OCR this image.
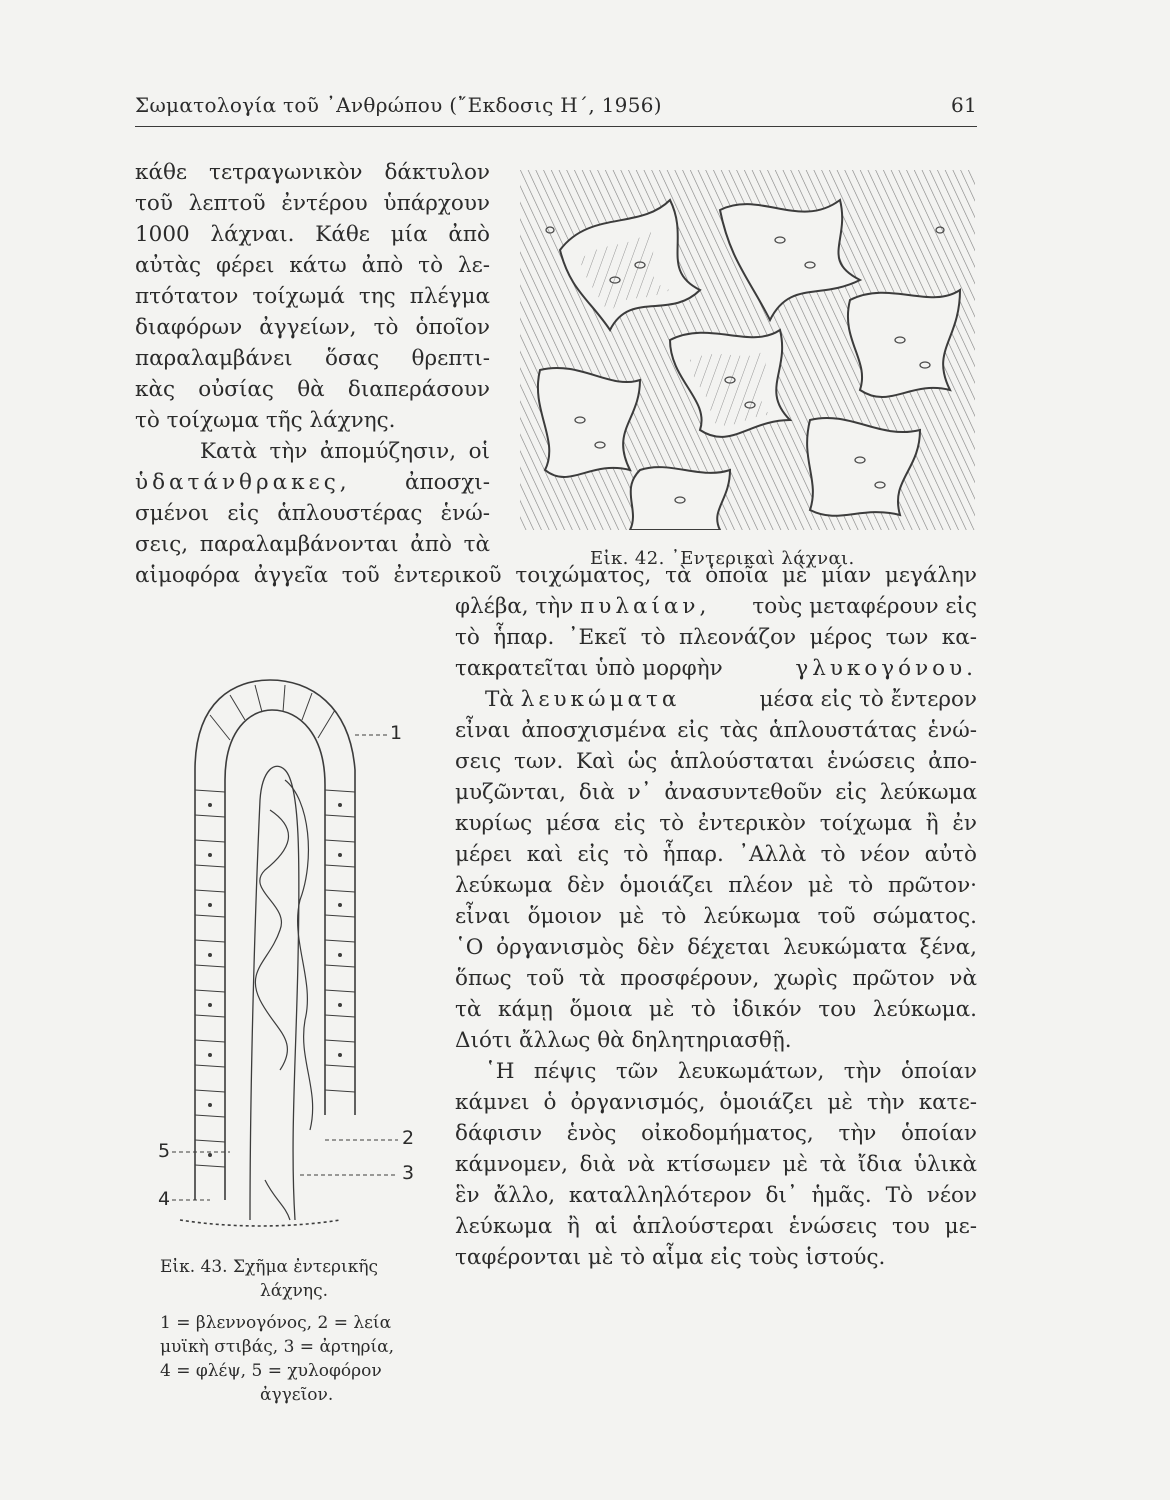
Σωματολογία τοῦ ᾿Ανθρώπου (῎Εκδοσις Η΄, 1956)	61
κάθε τετραγωνικὸν δάκτυλον
τοῦ λεπτοῦ ἐντέρου ὑπάρχουν
1000 λάχναι. Κάθε μία ἀπὸ
αὐτὰς φέρει κάτω ἀπὸ τὸ λε-
πτότατον τοίχωμά της πλέγμα
διαφόρων ἀγγείων, τὸ ὁποῖον
παραλαμβάνει ὅσας θρεπτι-
κὰς οὐσίας θὰ διαπεράσουν
τὸ τοίχωμα τῆς λάχνης.
Κατὰ τὴν ἀπομύζησιν, οἱ
ὑδατάνθρακες,	ἀποσχι-
σμένοι εἰς ἁπλουστέρας ἑνώ-
σεις, παραλαμβάνονται ἀπὸ τὰ
αἱμοφόρα ἀγγεῖα τοῦ ἐντερικοῦ τοιχώματος, τὰ ὁποῖα μὲ μίαν μεγάλην
Εἰκ. 42. ᾿Εντερικαὶ λάχναι.
φλέβα, τὴν πυλαίαν, τοὺς μεταφέρουν εἰς
τὸ ἧπαρ. ᾿Εκεῖ τὸ πλεονάζον μέρος των κα-
τακρατεῖται ὑπὸ μορφὴν	γλυκογόνου.
Τὰ λευκώματα	μέσα εἰς τὸ ἔντερον
εἶναι ἀποσχισμένα εἰς τὰς ἁπλουστάτας ἑνώ-
σεις των. Καὶ ὡς ἁπλούσταται ἑνώσεις ἀπο-
μυζῶνται, διὰ ν᾿ ἀνασυντεθοῦν εἰς λεύκωμα
κυρίως μέσα εἰς τὸ ἐντερικὸν τοίχωμα ἢ ἐν
μέρει καὶ εἰς τὸ ἧπαρ. ᾿Αλλὰ τὸ νέον αὐτὸ
λεύκωμα δὲν ὁμοιάζει πλέον μὲ τὸ πρῶτον·
εἶναι ὅμοιον μὲ τὸ λεύκωμα τοῦ σώματος.
῾Ο ὀργανισμὸς δὲν δέχεται λευκώματα ξένα,
ὅπως τοῦ τὰ προσφέρουν, χωρὶς πρῶτον νὰ
τὰ κάμῃ ὅμοια μὲ τὸ ἰδικόν του λεύκωμα.
Διότι ἄλλως θὰ δηλητηριασθῇ.
῾Η πέψις τῶν λευκωμάτων, τὴν ὁποίαν
κάμνει ὁ ὀργανισμός, ὁμοιάζει μὲ τὴν κατε-
δάφισιν ἑνὸς οἰκοδομήματος, τὴν ὁποίαν
κάμνομεν, διὰ νὰ κτίσωμεν μὲ τὰ ἴδια ὑλικὰ
ἓν ἄλλο, καταλληλότερον δι᾿ ἡμᾶς. Τὸ νέον
λεύκωμα ἢ αἱ ἁπλούστεραι ἑνώσεις του με-
ταφέρονται μὲ τὸ αἷμα εἰς τοὺς ἱστούς.
1
2
3
4
5
Εἰκ. 43. Σχῆμα ἐντερικῆς
λάχνης.
1 = βλεννογόνος, 2 = λεία
μυϊκὴ στιβάς, 3 = ἀρτηρία,
4 = φλέψ, 5 = χυλοφόρον
ἀγγεῖον.
